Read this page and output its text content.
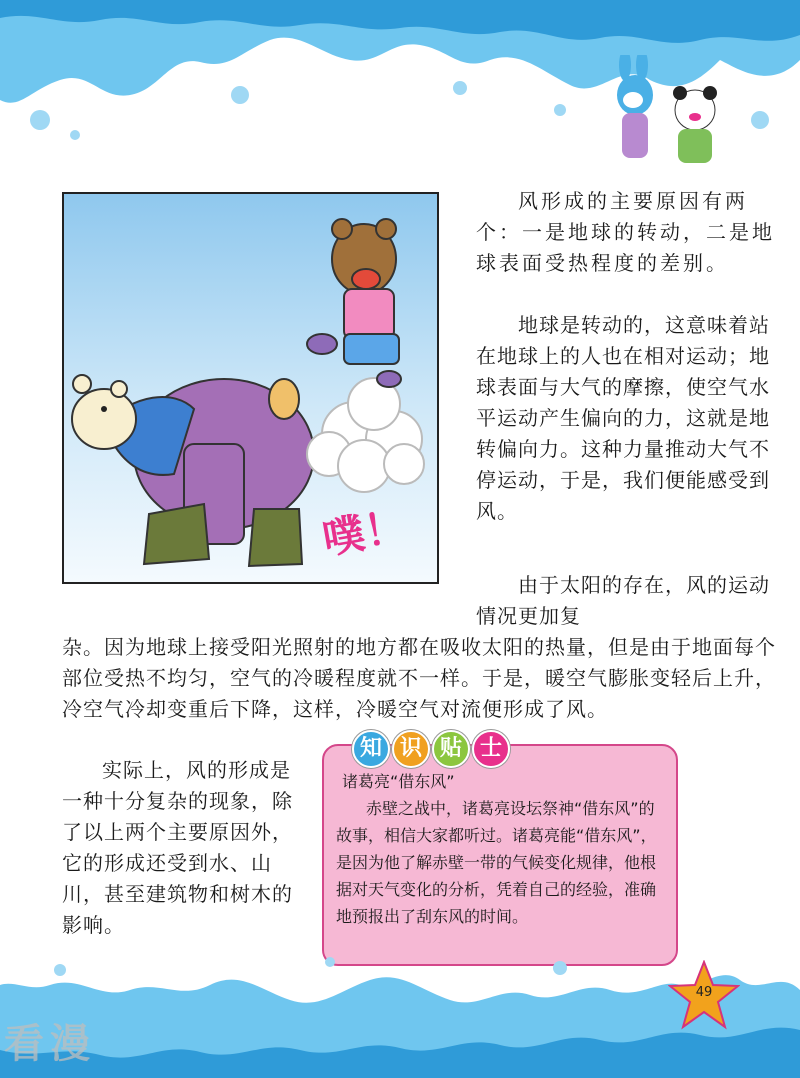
噗！

风形成的主要原因有两个：一是地球的转动，二是地球表面受热程度的差别。

地球是转动的，这意味着站在地球上的人也在相对运动；地球表面与大气的摩擦，使空气水平运动产生偏向的力，这就是地转偏向力。这种力量推动大气不停运动，于是，我们便能感受到风。

由于太阳的存在，风的运动情况更加复

杂。因为地球上接受阳光照射的地方都在吸收太阳的热量，但是由于地面每个部位受热不均匀，空气的冷暖程度就不一样。于是，暖空气膨胀变轻后上升，冷空气冷却变重后下降，这样，冷暖空气对流便形成了风。

实际上，风的形成是一种十分复杂的现象，除了以上两个主要原因外，它的形成还受到水、山川，甚至建筑物和树木的影响。

知 识 贴 士
诸葛亮“借东风”

赤壁之战中，诸葛亮设坛祭神“借东风”的故事，相信大家都听过。诸葛亮能“借东风”，是因为他了解赤壁一带的气候变化规律，他根据对天气变化的分析，凭着自己的经验，准确地预报出了刮东风的时间。

49
看漫
